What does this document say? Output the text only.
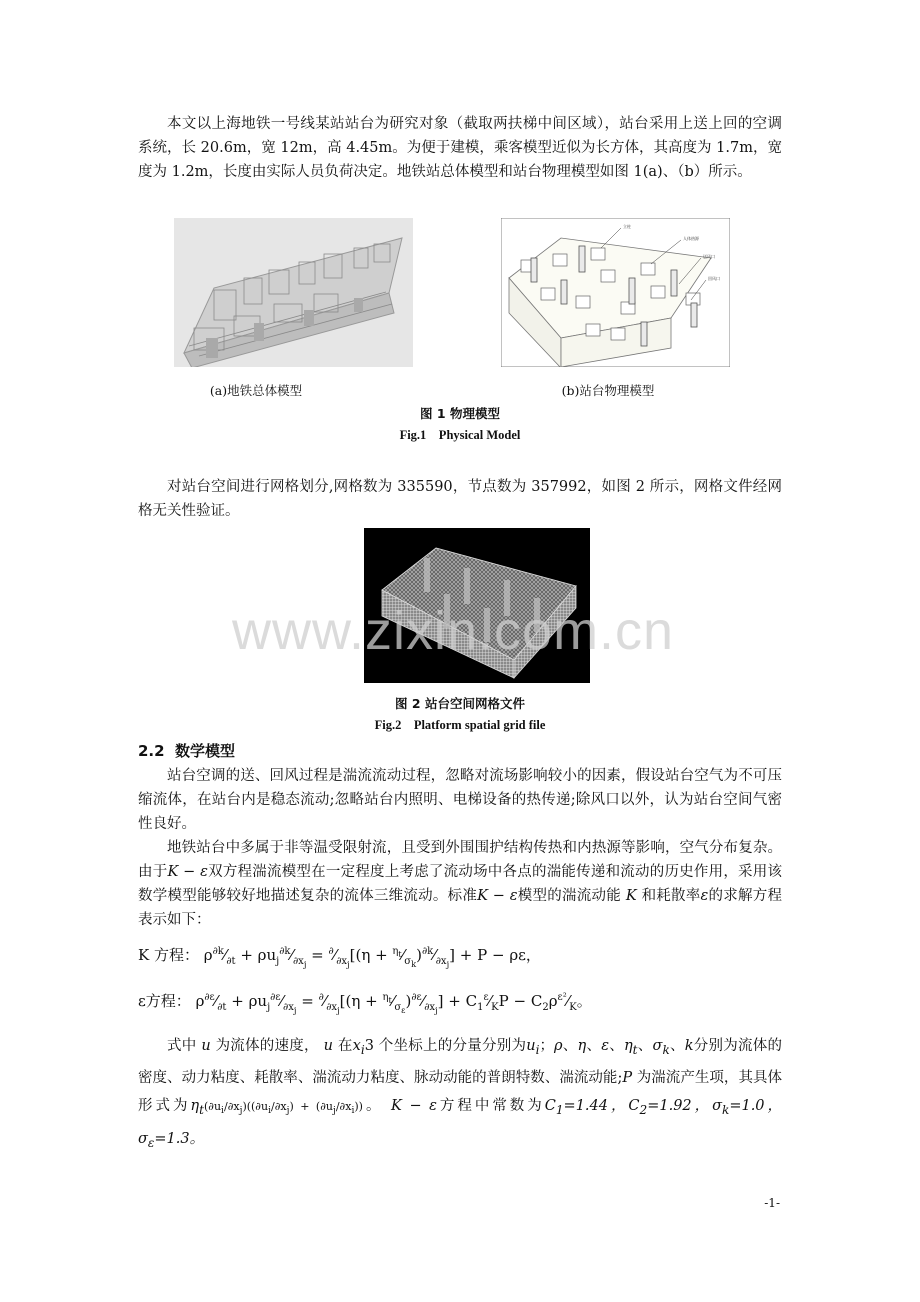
本文以上海地铁一号线某站站台为研究对象（截取两扶梯中间区域），站台采用上送上回的空调系统，长 20.6m，宽 12m，高 4.45m。为便于建模，乘客模型近似为长方体，其高度为 1.7m，宽度为 1.2m，长度由实际人员负荷决定。地铁站总体模型和站台物理模型如图 1(a)、（b）所示。

立柱
人体热源
送风口
回风口

(a)地铁总体模型	(b)站台物理模型

图 1 物理模型

Fig.1    Physical Model

对站台空间进行网格划分,网格数为 335590，节点数为 357992，如图 2 所示，网格文件经网格无关性验证。

www.zixin.com.cn

图 2 站台空间网格文件

Fig.2    Platform spatial grid file

2.2  数学模型

站台空调的送、回风过程是湍流流动过程，忽略对流场影响较小的因素，假设站台空气为不可压缩流体，在站台内是稳态流动;忽略站台内照明、电梯设备的热传递;除风口以外，认为站台空间气密性良好。

地铁站台中多属于非等温受限射流，且受到外围围护结构传热和内热源等影响，空气分布复杂。由于K − ε双方程湍流模型在一定程度上考虑了流动场中各点的湍能传递和流动的历史作用，采用该数学模型能够较好地描述复杂的流体三维流动。标准K − ε模型的湍流动能 K 和耗散率ε的求解方程表示如下：

K 方程： $\rho^{\partial k}⁄_{\partial t}$ + $\rho u_j^{\partial k}⁄_{\partial x_j}$ = $^\partial⁄_{\partial x_j}[(\eta$ + $^{\eta_t}⁄_{\sigma_k})^{\partial k}⁄_{\partial x_j}] + P - \rho\varepsilon$，
ε方程： $\rho^{\partial\varepsilon}⁄_{\partial t}$ + $\rho u_j^{\partial\varepsilon}⁄_{\partial x_j}$ = $^\partial⁄_{\partial x_j}[(\eta$ + $^{\eta_t}⁄_{\sigma_\varepsilon})^{\partial\varepsilon}⁄_{\partial x_j}$] + $C_1^\varepsilon⁄_KP$ − $C_2\rho^{\varepsilon^2}⁄_K$。

式中 u 为流体的速度， u 在$x_i3$ 个坐标上的分量分别为$u_i$；ρ、η、ε、$\eta_t$、$\sigma_k$、k分别为流体的密度、动力粘度、耗散率、湍流动力粘度、脉动动能的普朗特数、湍流动能;P 为湍流产生项，其具体形式为$\eta_t(\partial u_i/\partial x_j)((\partial u_i/\partial x_j) + (\partial u_j/\partial x_i))$。 K − ε方程中常数为$C_1=1.44$，$C_2=1.92$，$\sigma_k=1.0$，$\sigma_\varepsilon=1.3$。

-1-
